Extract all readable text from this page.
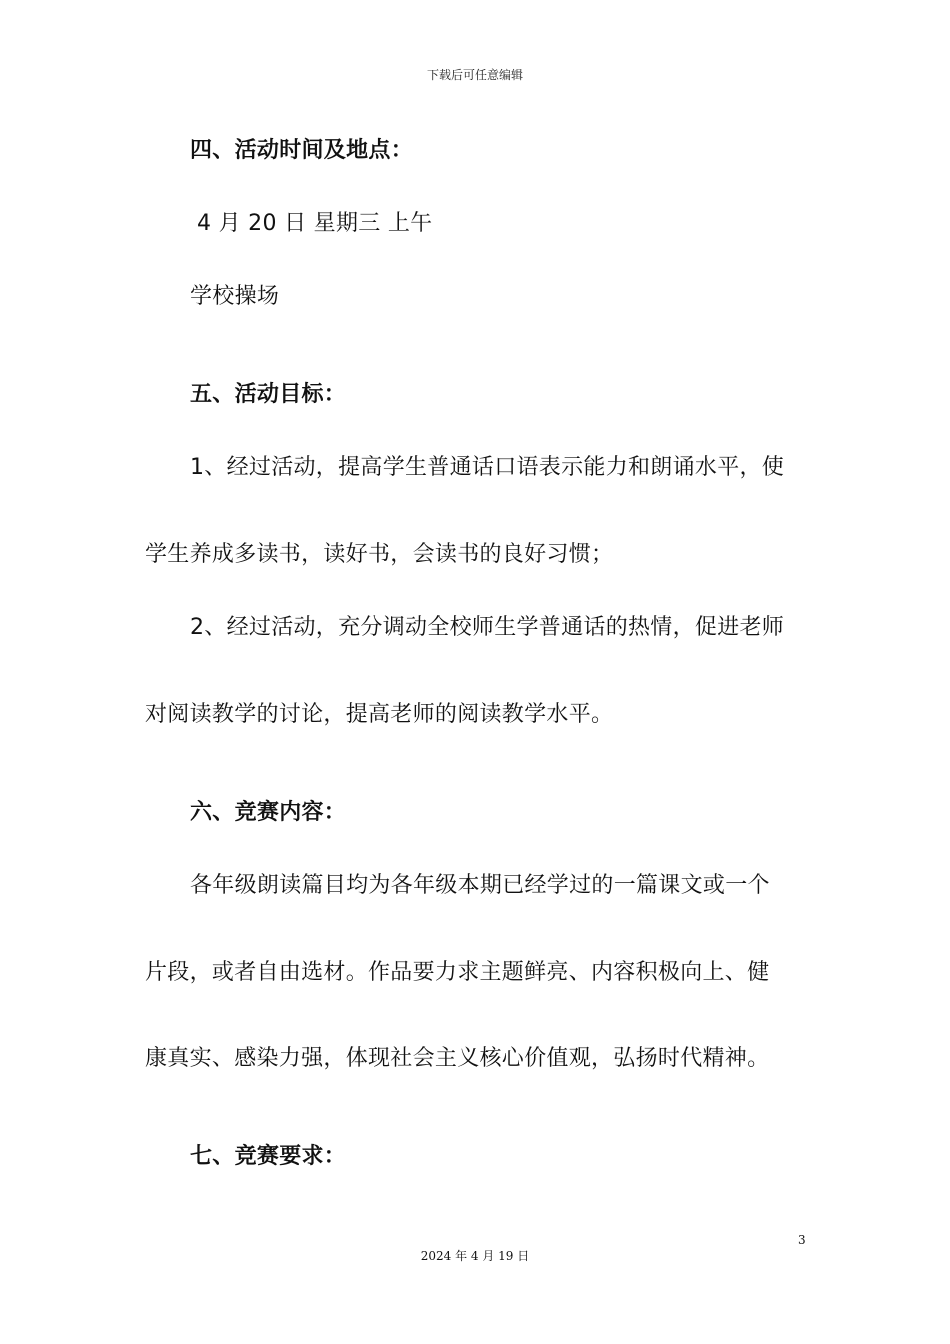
下载后可任意编辑
四、活动时间及地点：
4 月 20 日 星期三 上午
学校操场
五、活动目标：
1、经过活动，提高学生普通话口语表示能力和朗诵水平，使
学生养成多读书，读好书，会读书的良好习惯；
2、经过活动，充分调动全校师生学普通话的热情，促进老师
对阅读教学的讨论，提高老师的阅读教学水平。
六、竞赛内容：
各年级朗读篇目均为各年级本期已经学过的一篇课文或一个
片段，或者自由选材。作品要力求主题鲜亮、内容积极向上、健
康真实、感染力强，体现社会主义核心价值观，弘扬时代精神。
七、竞赛要求：
3
2024 年 4 月 19 日
